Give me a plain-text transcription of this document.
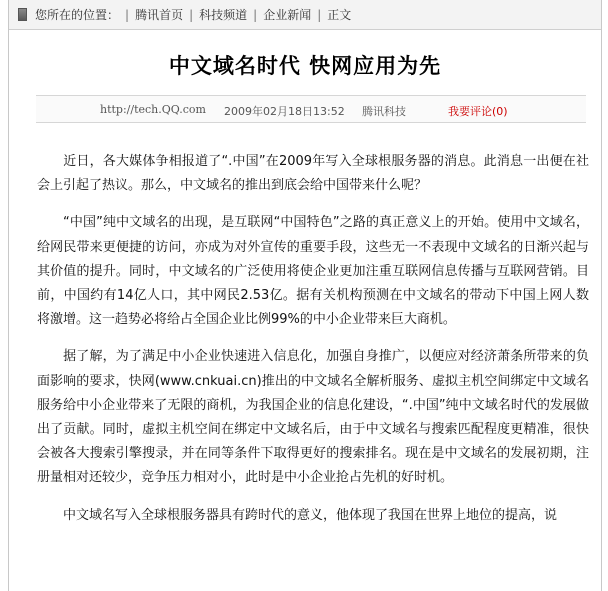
您所在的位置： | 腾讯首页 | 科技频道 | 企业新闻 | 正文
中文域名时代 快网应用为先
http://tech.QQ.com 2009年02月18日13:52 腾讯科技	我要评论(0)

近日，各大媒体争相报道了“.中国”在2009年写入全球根服务器的消息。此消息一出便在社会上引起了热议。那么，中文域名的推出到底会给中国带来什么呢？

“中国”纯中文域名的出现，是互联网“中国特色”之路的真正意义上的开始。使用中文域名，给网民带来更便捷的访问，亦成为对外宣传的重要手段，这些无一不表现中文域名的日渐兴起与其价值的提升。同时，中文域名的广泛使用将使企业更加注重互联网信息传播与互联网营销。目前，中国约有14亿人口，其中网民2.53亿。据有关机构预测在中文域名的带动下中国上网人数将激增。这一趋势必将给占全国企业比例99%的中小企业带来巨大商机。

据了解，为了满足中小企业快速进入信息化，加强自身推广，以便应对经济萧条所带来的负面影响的要求，快网(www.cnkuai.cn)推出的中文域名全解析服务、虚拟主机空间绑定中文域名服务给中小企业带来了无限的商机，为我国企业的信息化建设，“.中国”纯中文域名时代的发展做出了贡献。同时，虚拟主机空间在绑定中文域名后，由于中文域名与搜索匹配程度更精准，很快会被各大搜索引擎搜录，并在同等条件下取得更好的搜索排名。现在是中文域名的发展初期，注册量相对还较少，竞争压力相对小，此时是中小企业抢占先机的好时机。

中文域名写入全球根服务器具有跨时代的意义，他体现了我国在世界上地位的提高，说
